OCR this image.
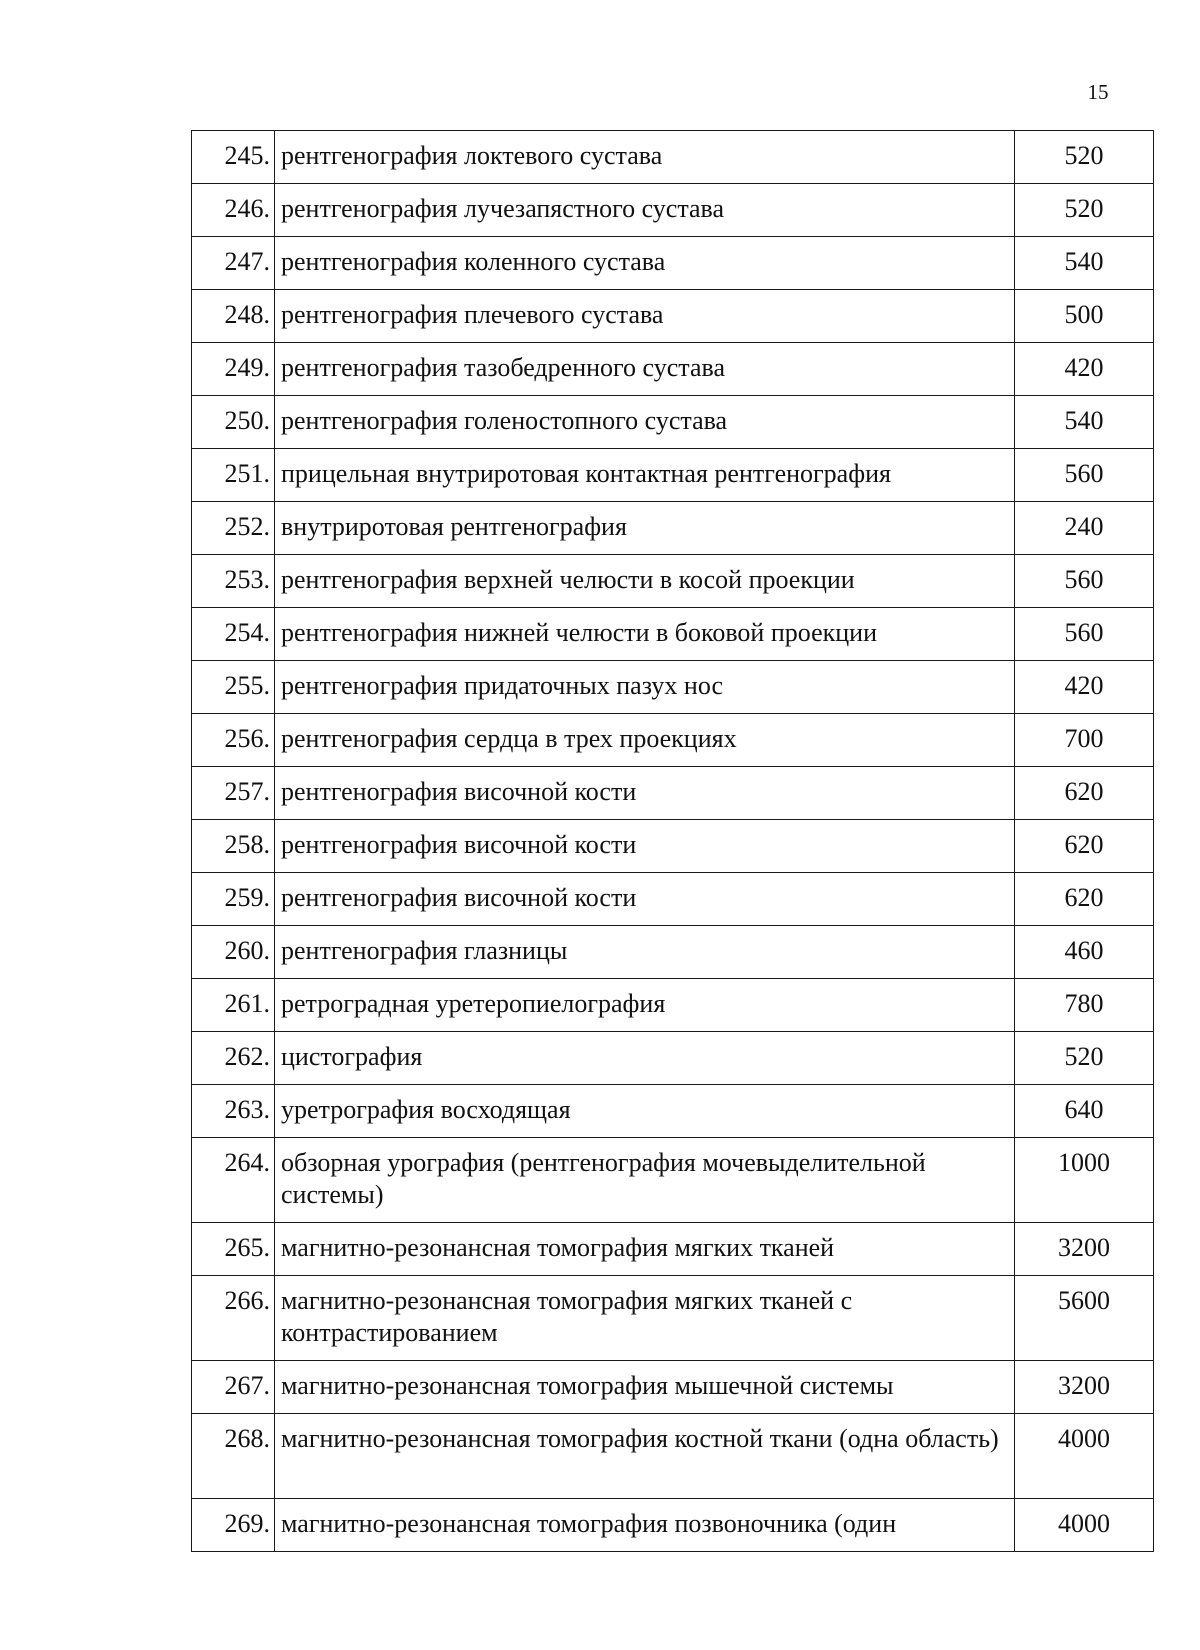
15
245.	рентгенография локтевого сустава	520
246.	рентгенография лучезапястного сустава	520
247.	рентгенография коленного сустава	540
248.	рентгенография плечевого сустава	500
249.	рентгенография тазобедренного сустава	420
250.	рентгенография голеностопного сустава	540
251.	прицельная внутриротовая контактная рентгенография	560
252.	внутриротовая рентгенография	240
253.	рентгенография верхней челюсти в косой проекции	560
254.	рентгенография нижней челюсти в боковой проекции	560
255.	рентгенография придаточных пазух нос	420
256.	рентгенография сердца в трех проекциях	700
257.	рентгенография височной кости	620
258.	рентгенография височной кости	620
259.	рентгенография височной кости	620
260.	рентгенография глазницы	460
261.	ретроградная уретеропиелография	780
262.	цистография	520
263.	уретрография восходящая	640
264.	обзорная урография (рентгенография мочевыделительной системы)	1000
265.	магнитно-резонансная томография мягких тканей	3200
266.	магнитно-резонансная томография мягких тканей с контрастированием	5600
267.	магнитно-резонансная томография мышечной системы	3200
268.	магнитно-резонансная томография костной ткани (одна область)	4000
269.	магнитно-резонансная томография позвоночника (один	4000
